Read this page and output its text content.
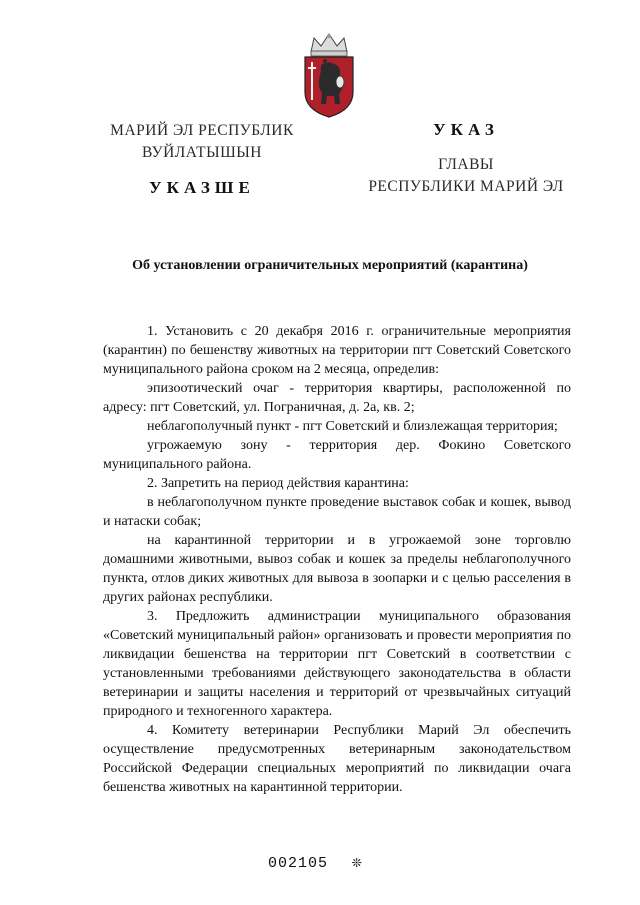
МАРИЙ ЭЛ РЕСПУБЛИК
ВУЙЛАТЫШЫН
УКАЗШЕ
УКАЗ
ГЛАВЫ
РЕСПУБЛИКИ МАРИЙ ЭЛ
Об установлении ограничительных мероприятий (карантина)

1. Установить с 20 декабря 2016 г. ограничительные мероприятия (карантин) по бешенству животных на территории пгт Советский Советского муниципального района сроком на 2 месяца, определив:

эпизоотический очаг - территория квартиры, расположенной по адресу: пгт Советский, ул. Пограничная, д. 2а, кв. 2;

неблагополучный пункт - пгт Советский и близлежащая территория;

угрожаемую зону - территория дер. Фокино Советского муниципального района.

2. Запретить на период действия карантина:

в неблагополучном пункте проведение выставок собак и кошек, вывод и натаски собак;

на карантинной территории и в угрожаемой зоне торговлю домашними животными, вывоз собак и кошек за пределы неблагополучного пункта, отлов диких животных для вывоза в зоопарки и с целью расселения в других районах республики.

3. Предложить администрации муниципального образования «Советский муниципальный район» организовать и провести мероприятия по ликвидации бешенства на территории пгт Советский в соответствии с установленными требованиями действующего законодательства в области ветеринарии и защиты населения и территорий от чрезвычайных ситуаций природного и техногенного характера.

4. Комитету ветеринарии Республики Марий Эл обеспечить осуществление предусмотренных ветеринарным законодательством Российской Федерации специальных мероприятий по ликвидации очага бешенства животных на карантинной территории.

002105 ❊
